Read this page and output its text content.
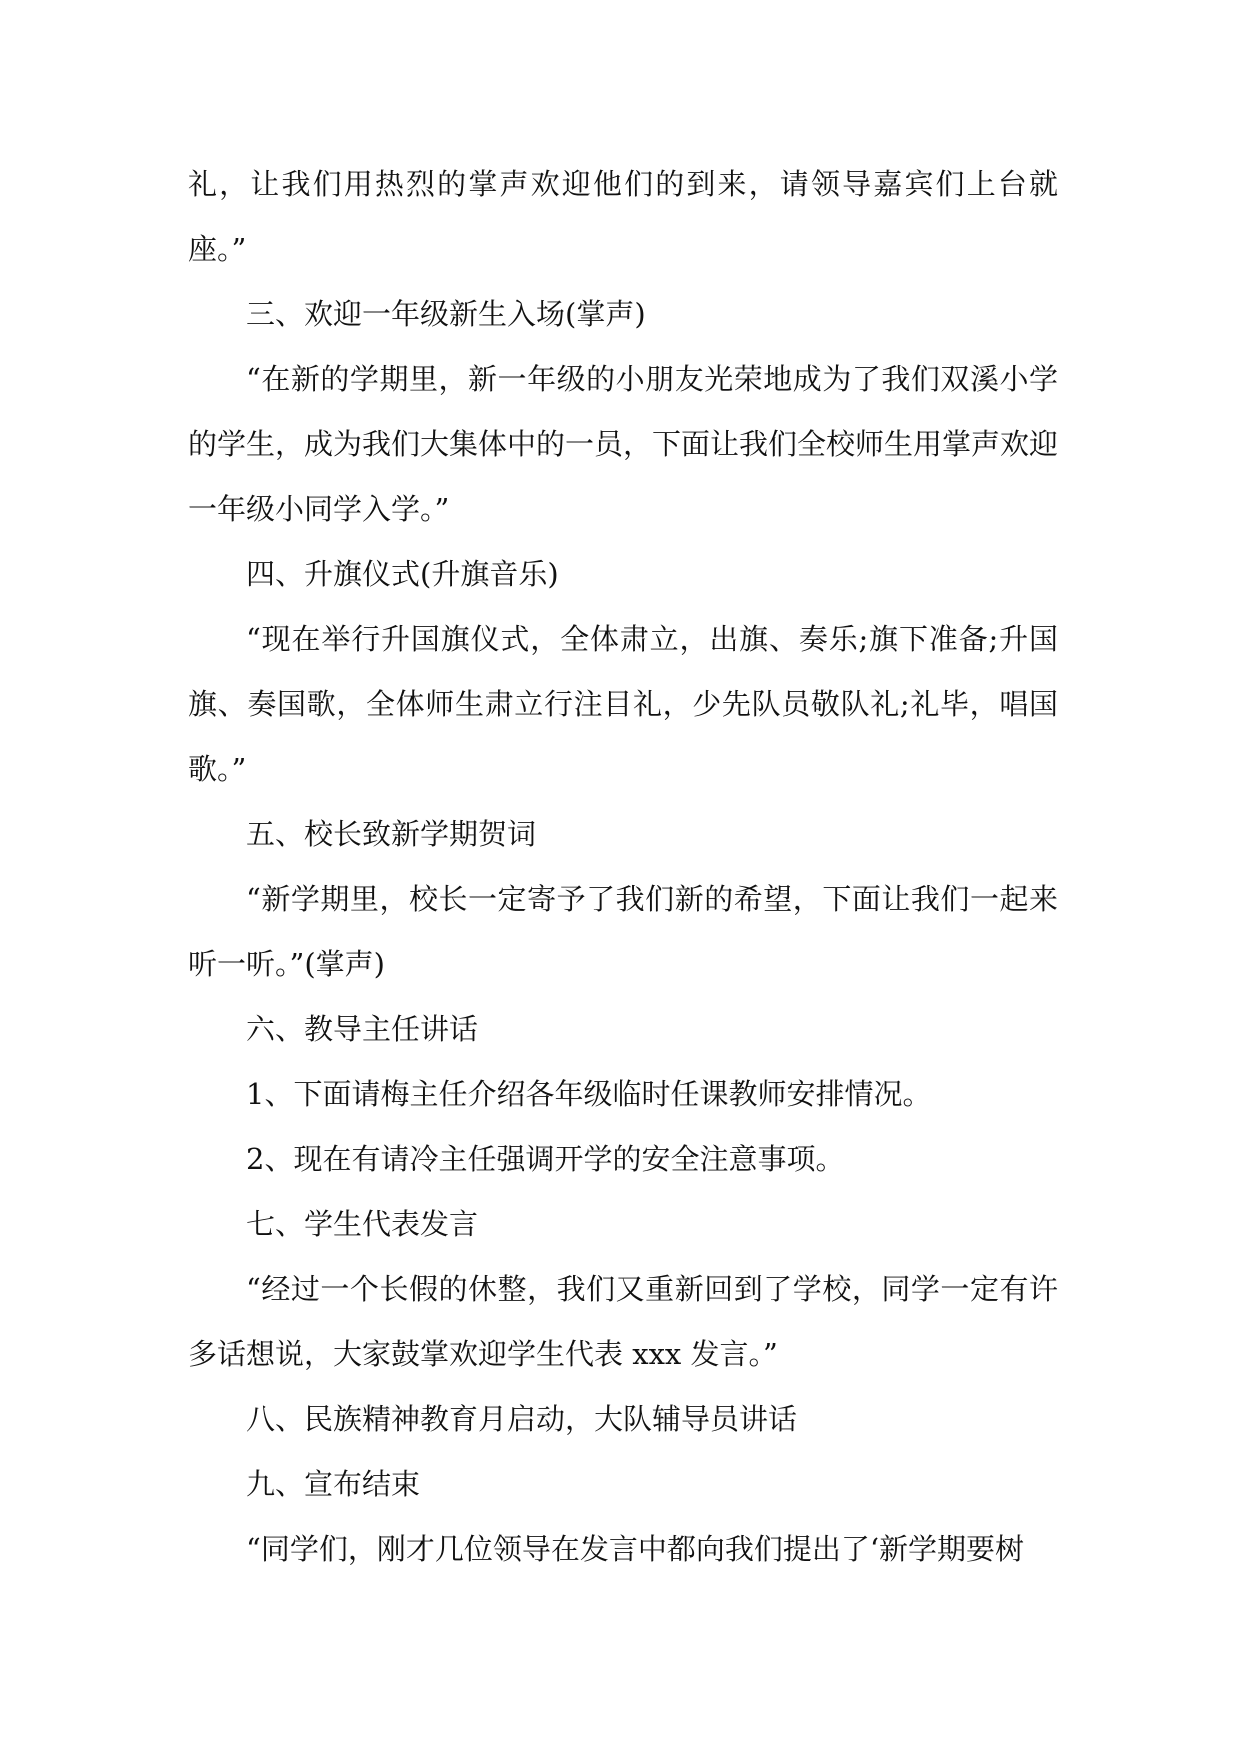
礼，让我们用热烈的掌声欢迎他们的到来，请领导嘉宾们上台就座。”

三、欢迎一年级新生入场(掌声)

“在新的学期里，新一年级的小朋友光荣地成为了我们双溪小学的学生，成为我们大集体中的一员，下面让我们全校师生用掌声欢迎一年级小同学入学。”

四、升旗仪式(升旗音乐)

“现在举行升国旗仪式，全体肃立，出旗、奏乐;旗下准备;升国旗、奏国歌，全体师生肃立行注目礼，少先队员敬队礼;礼毕，唱国歌。”

五、校长致新学期贺词

“新学期里，校长一定寄予了我们新的希望，下面让我们一起来听一听。”(掌声)

六、教导主任讲话

1、下面请梅主任介绍各年级临时任课教师安排情况。

2、现在有请冷主任强调开学的安全注意事项。

七、学生代表发言

“经过一个长假的休整，我们又重新回到了学校，同学一定有许多话想说，大家鼓掌欢迎学生代表 xxx 发言。”

八、民族精神教育月启动，大队辅导员讲话

九、宣布结束

“同学们，刚才几位领导在发言中都向我们提出了‘新学期要树
